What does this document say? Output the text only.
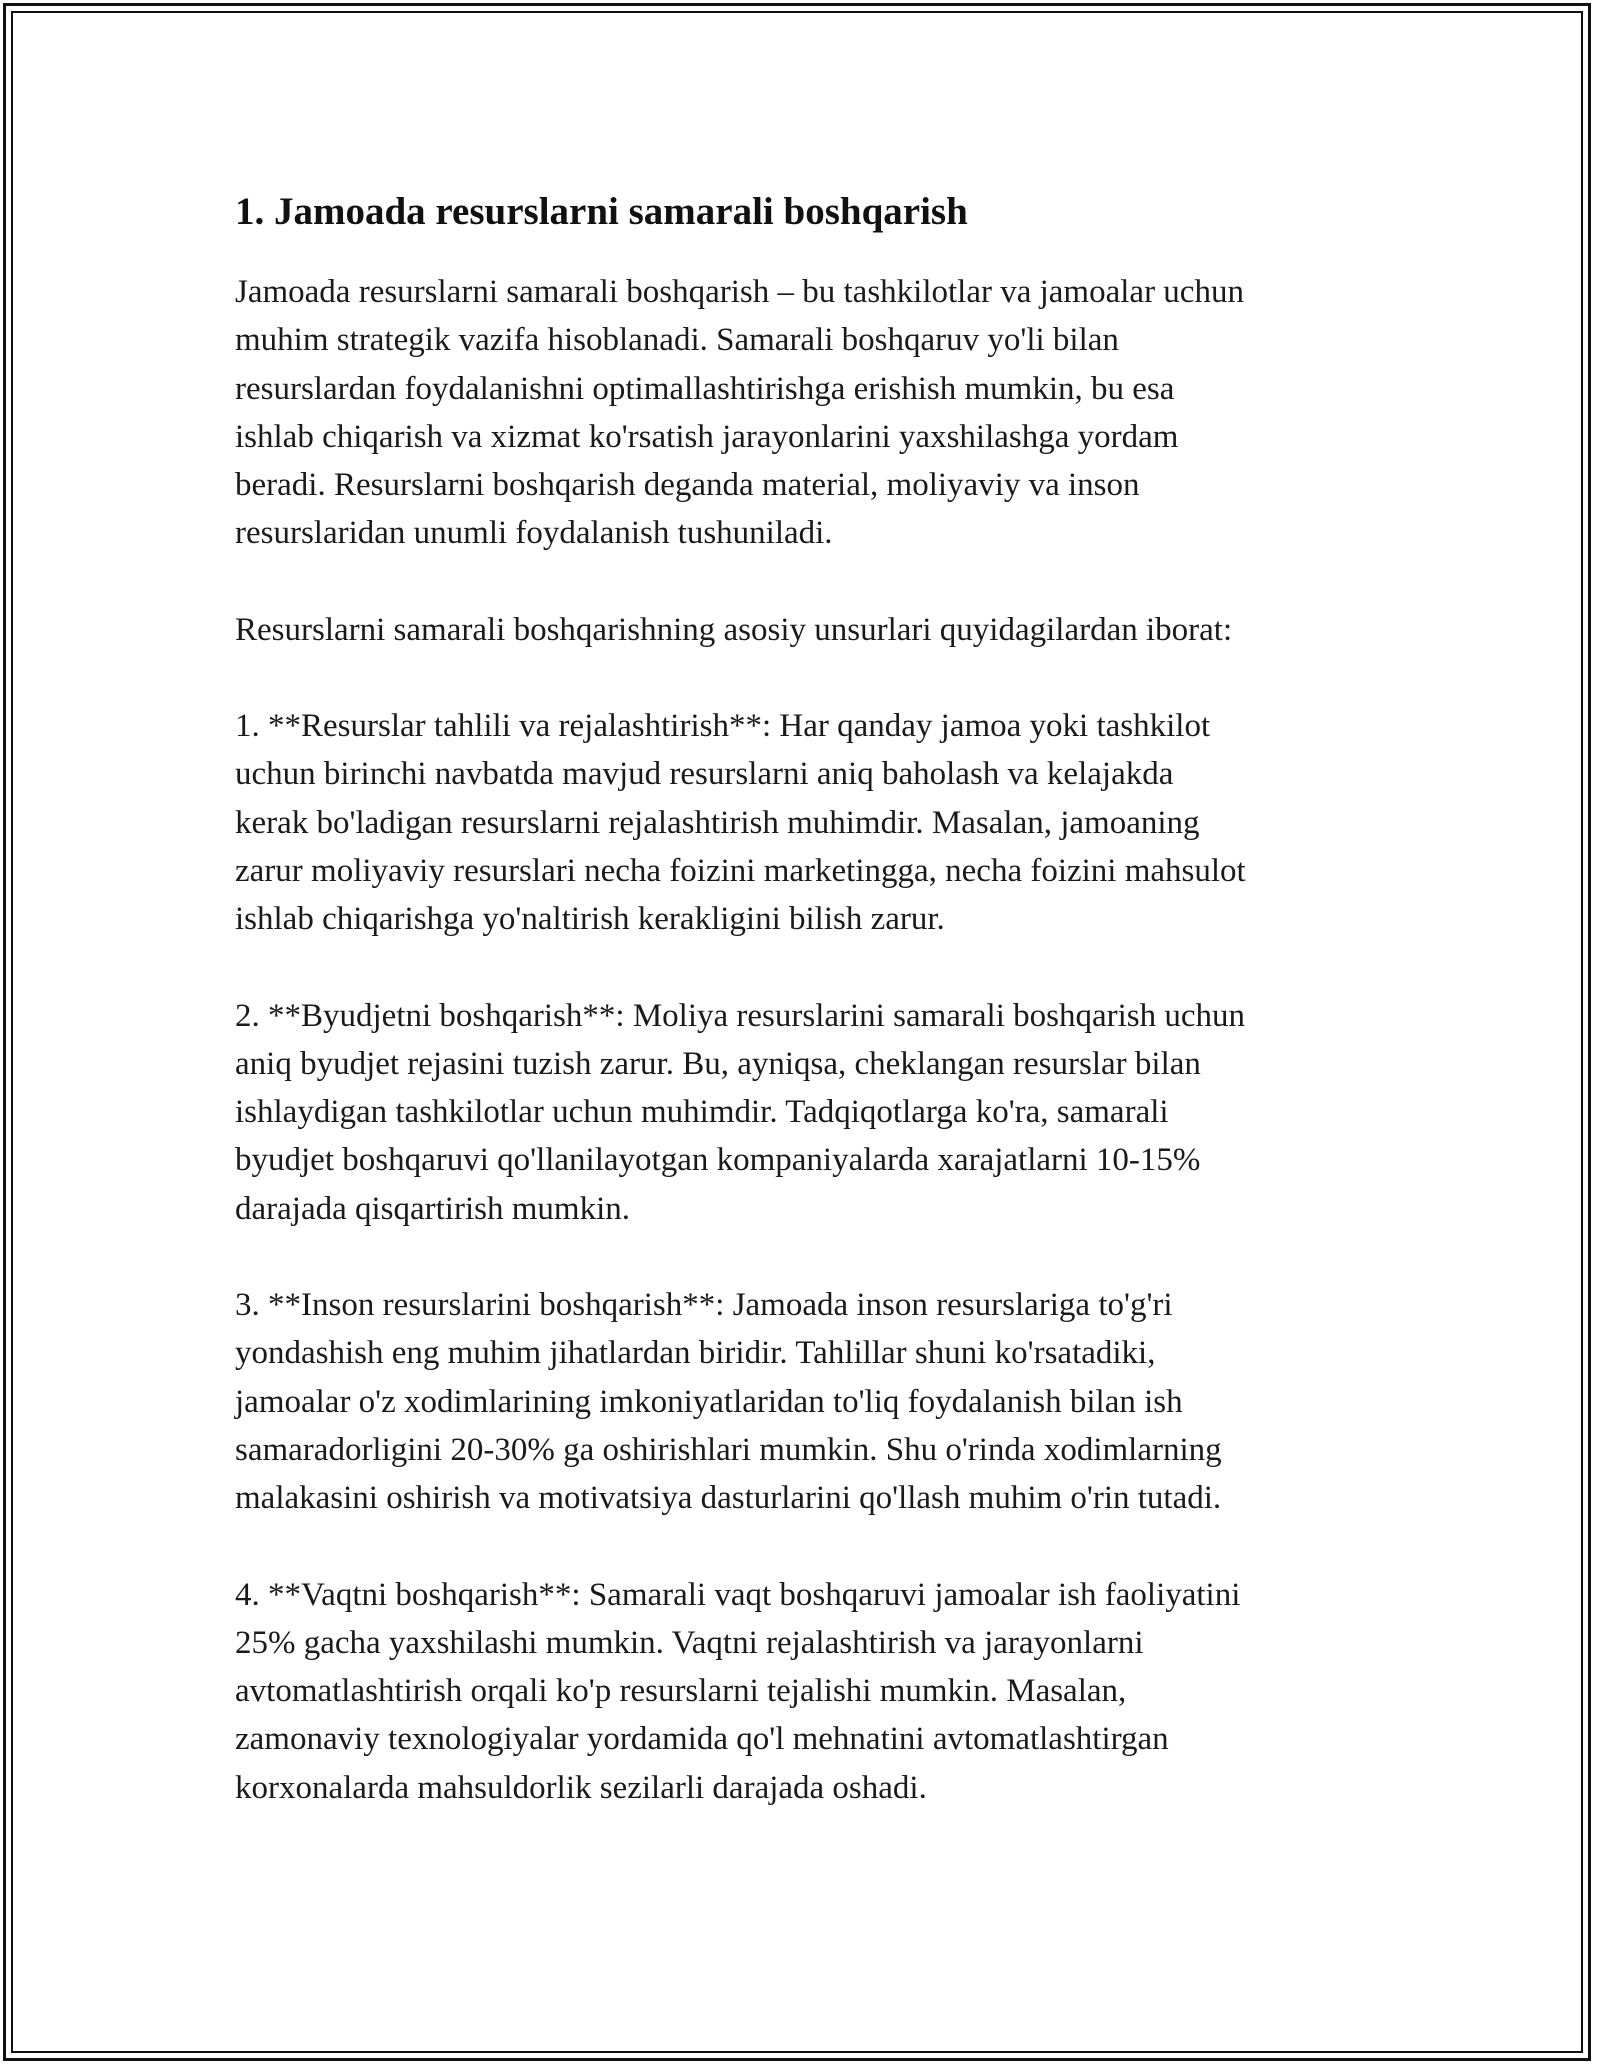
1. Jamoada resurslarni samarali boshqarish

Jamoada resurslarni samarali boshqarish – bu tashkilotlar va jamoalar uchun
muhim strategik vazifa hisoblanadi. Samarali boshqaruv yo'li bilan
resurslardan foydalanishni optimallashtirishga erishish mumkin, bu esa
ishlab chiqarish va xizmat ko'rsatish jarayonlarini yaxshilashga yordam
beradi. Resurslarni boshqarish deganda material, moliyaviy va inson
resurslaridan unumli foydalanish tushuniladi.

Resurslarni samarali boshqarishning asosiy unsurlari quyidagilardan iborat:

1. **Resurslar tahlili va rejalashtirish**: Har qanday jamoa yoki tashkilot
uchun birinchi navbatda mavjud resurslarni aniq baholash va kelajakda
kerak bo'ladigan resurslarni rejalashtirish muhimdir. Masalan, jamoaning
zarur moliyaviy resurslari necha foizini marketingga, necha foizini mahsulot
ishlab chiqarishga yo'naltirish kerakligini bilish zarur.

2. **Byudjetni boshqarish**: Moliya resurslarini samarali boshqarish uchun
aniq byudjet rejasini tuzish zarur. Bu, ayniqsa, cheklangan resurslar bilan
ishlaydigan tashkilotlar uchun muhimdir. Tadqiqotlarga ko'ra, samarali
byudjet boshqaruvi qo'llanilayotgan kompaniyalarda xarajatlarni 10-15%
darajada qisqartirish mumkin.

3. **Inson resurslarini boshqarish**: Jamoada inson resurslariga to'g'ri
yondashish eng muhim jihatlardan biridir. Tahlillar shuni ko'rsatadiki,
jamoalar o'z xodimlarining imkoniyatlaridan to'liq foydalanish bilan ish
samaradorligini 20-30% ga oshirishlari mumkin. Shu o'rinda xodimlarning
malakasini oshirish va motivatsiya dasturlarini qo'llash muhim o'rin tutadi.

4. **Vaqtni boshqarish**: Samarali vaqt boshqaruvi jamoalar ish faoliyatini
25% gacha yaxshilashi mumkin. Vaqtni rejalashtirish va jarayonlarni
avtomatlashtirish orqali ko'p resurslarni tejalishi mumkin. Masalan,
zamonaviy texnologiyalar yordamida qo'l mehnatini avtomatlashtirgan
korxonalarda mahsuldorlik sezilarli darajada oshadi.
